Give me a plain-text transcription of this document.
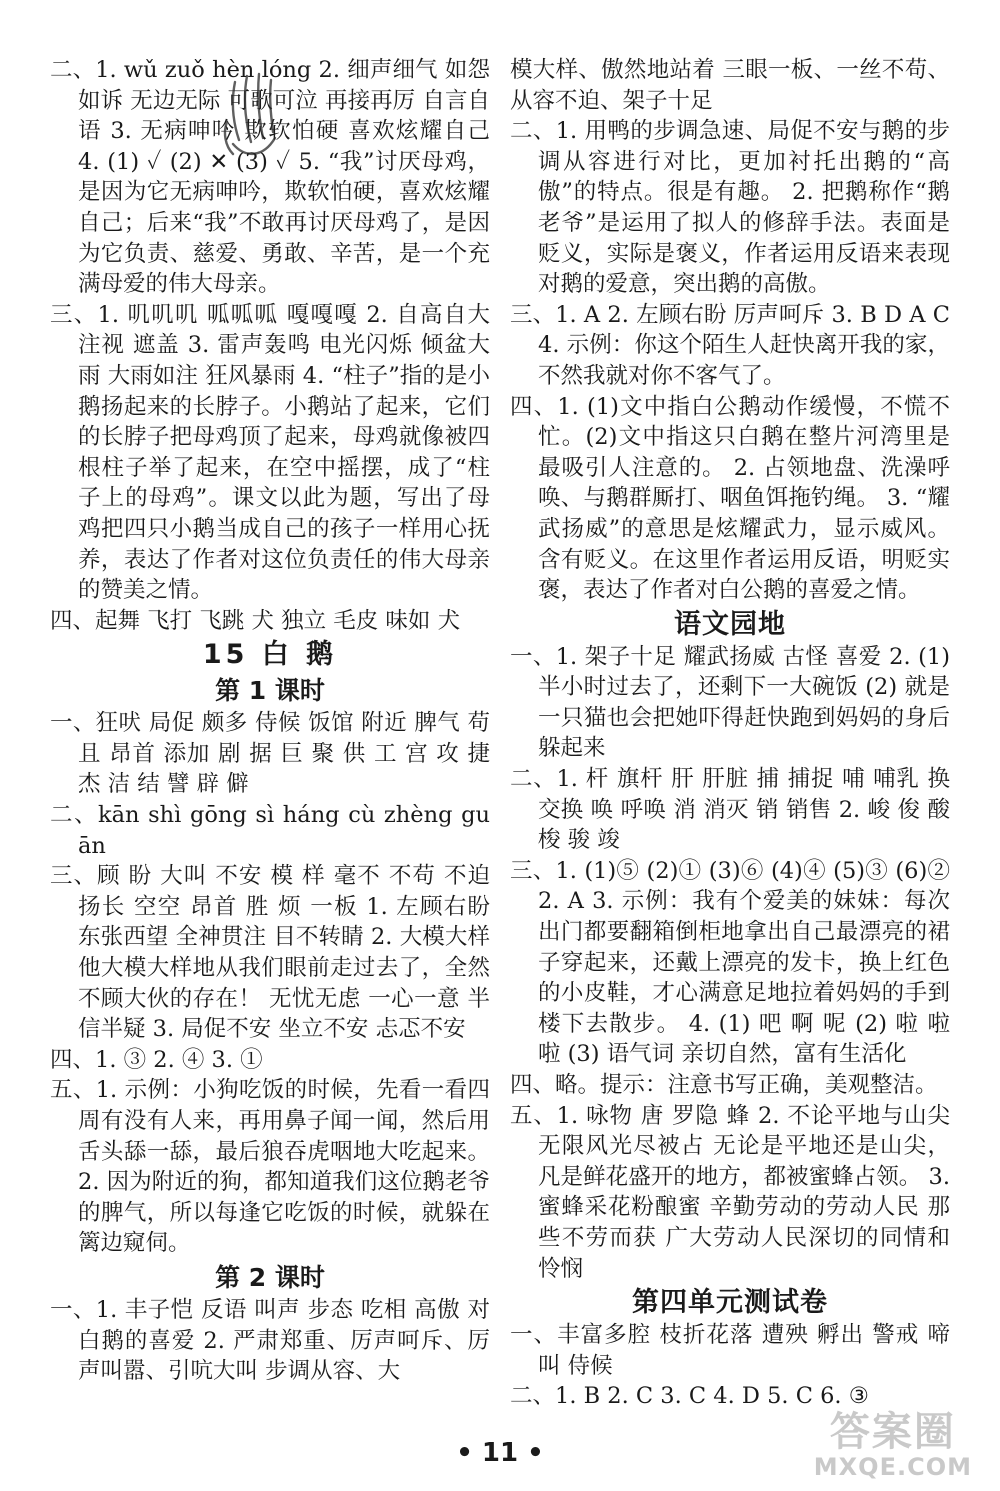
二、1. wǔ zuǒ hèn lóng 2. 细声细气 如怨如诉 无边无际 可歌可泣 再接再厉 自言自语 3. 无病呻吟 欺软怕硬 喜欢炫耀自己 4. (1) ✓ (2) ✕ (3) ✓ 5. “我”讨厌母鸡，是因为它无病呻吟，欺软怕硬，喜欢炫耀自己；后来“我”不敢再讨厌母鸡了，是因为它负责、慈爱、勇敢、辛苦，是一个充满母爱的伟大母亲。

三、1. 叽叽叽 呱呱呱 嘎嘎嘎 2. 自高自大 注视 遮盖 3. 雷声轰鸣 电光闪烁 倾盆大雨 大雨如注 狂风暴雨 4. “柱子”指的是小鹅扬起来的长脖子。小鹅站了起来，它们的长脖子把母鸡顶了起来，母鸡就像被四根柱子举了起来，在空中摇摆，成了“柱子上的母鸡”。课文以此为题，写出了母鸡把四只小鹅当成自己的孩子一样用心抚养，表达了作者对这位负责任的伟大母亲的赞美之情。

四、起舞 飞打 飞跳 犬 独立 毛皮 味如 犬

15 白 鹅

第 1 课时

一、狂吠 局促 颇多 侍候 饭馆 附近 脾气 苟且 昂首 添加 剧 据 巨 聚 供 工 宫 攻 捷 杰 洁 结 譬 辟 僻

二、kān shì gōng sì háng cù zhèng guān

三、顾 盼 大叫 不安 模 样 毫不 不苟 不迫 扬长 空空 昂首 胜 烦 一板 1. 左顾右盼 东张西望 全神贯注 目不转睛 2. 大模大样 他大模大样地从我们眼前走过去了，全然不顾大伙的存在！ 无忧无虑 一心一意 半信半疑 3. 局促不安 坐立不安 忐忑不安

四、1. ③ 2. ④ 3. ①

五、1. 示例：小狗吃饭的时候，先看一看四周有没有人来，再用鼻子闻一闻，然后用舌头舔一舔，最后狼吞虎咽地大吃起来。 2. 因为附近的狗，都知道我们这位鹅老爷的脾气，所以每逢它吃饭的时候，就躲在篱边窥伺。

第 2 课时

一、1. 丰子恺 反语 叫声 步态 吃相 高傲 对白鹅的喜爱 2. 严肃郑重、厉声呵斥、厉声叫嚣、引吭大叫 步调从容、大

模大样、傲然地站着 三眼一板、一丝不苟、从容不迫、架子十足

二、1. 用鸭的步调急速、局促不安与鹅的步调从容进行对比，更加衬托出鹅的“高傲”的特点。很是有趣。 2. 把鹅称作“鹅老爷”是运用了拟人的修辞手法。表面是贬义，实际是褒义，作者运用反语来表现对鹅的爱意，突出鹅的高傲。

三、1. A 2. 左顾右盼 厉声呵斥 3. B D A C 4. 示例：你这个陌生人赶快离开我的家，不然我就对你不客气了。

四、1. (1)文中指白公鹅动作缓慢，不慌不忙。(2)文中指这只白鹅在整片河湾里是最吸引人注意的。 2. 占领地盘、洗澡呼唤、与鹅群厮打、咽鱼饵拖钓绳。 3. “耀武扬威”的意思是炫耀武力，显示威风。含有贬义。在这里作者运用反语，明贬实褒，表达了作者对白公鹅的喜爱之情。

语文园地

一、1. 架子十足 耀武扬威 古怪 喜爱 2. (1) 半小时过去了，还剩下一大碗饭 (2) 就是一只猫也会把她吓得赶快跑到妈妈的身后躲起来

二、1. 杆 旗杆 肝 肝脏 捕 捕捉 哺 哺乳 换 交换 唤 呼唤 消 消灭 销 销售 2. 峻 俊 酸 梭 骏 竣

三、1. (1)⑤ (2)① (3)⑥ (4)④ (5)③ (6)② 2. A 3. 示例：我有个爱美的妹妹：每次出门都要翻箱倒柜地拿出自己最漂亮的裙子穿起来，还戴上漂亮的发卡，换上红色的小皮鞋，才心满意足地拉着妈妈的手到楼下去散步。 4. (1) 吧 啊 呢 (2) 啦 啦 啦 (3) 语气词 亲切自然，富有生活化

四、略。提示：注意书写正确，美观整洁。

五、1. 咏物 唐 罗隐 蜂 2. 不论平地与山尖 无限风光尽被占 无论是平地还是山尖，凡是鲜花盛开的地方，都被蜜蜂占领。 3. 蜜蜂采花粉酿蜜 辛勤劳动的劳动人民 那些不劳而获 广大劳动人民深切的同情和怜悯

第四单元测试卷

一、丰富多腔 枝折花落 遭殃 孵出 警戒 啼叫 侍候

二、1. B 2. C 3. C 4. D 5. C 6. ③

• 11 •	答案圈
MXQE.COM
